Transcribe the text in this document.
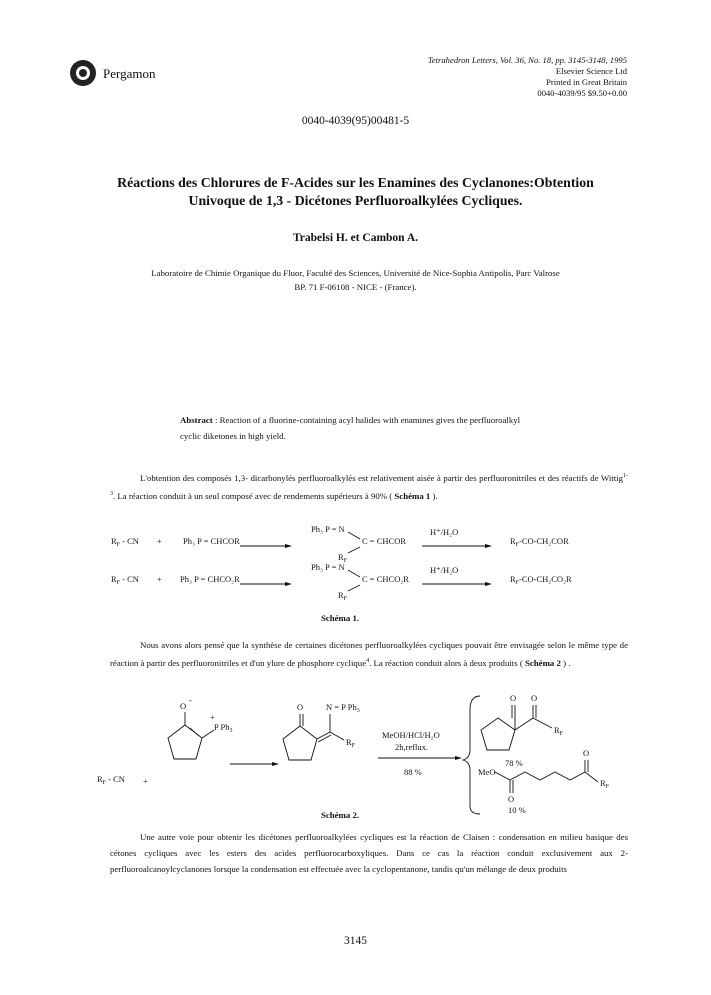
Pergamon
Tetrahedron Letters, Vol. 36, No. 18, pp. 3145-3148, 1995
Elsevier Science Ltd
Printed in Great Britain
0040-4039/95 $9.50+0.00
0040-4039(95)00481-5
Réactions des Chlorures de F-Acides sur les Enamines des Cyclanones:Obtention
Univoque de 1,3 - Dicétones Perfluoroalkylées Cycliques.
Trabelsi H. et Cambon A.
Laboratoire de Chimie Organique du Fluor, Faculté des Sciences, Université de Nice-Sophia Antipolis, Parc Valrose
BP. 71 F-06108 - NICE - (France).
Abstract : Reaction of a fluorine-containing acyl halides with enamines gives the perfluoroalkyl
cyclic diketones in high yield.
L'obtention des composés 1,3- dicarbonylés perfluoroalkylés est relativement aisée à partir des perfluoronitriles et des réactifs de Wittig$^{1-3}$. La réaction conduit à un seul composé avec de rendements supérieurs à 90% ( Schéma 1 ).
$R_F$ - CN + Ph₃ P = CHCOR
Ph₃ P = N
C = CHCOR
$R_F$
H⁺/H₂O
$R_F-CO$-CH₂COR
$R_F$ - CN + Ph₃ P = CHCO₂R
Ph₃ P = N
C = CHCO₂R
$R_F$
H⁺/H₂O
$R_F-CO$-CH₂CO₂R
Schéma 1.
Nous avons alors pensé que la synthèse de certaines dicétones perfluoroalkylées cycliques pouvait être envisagée selon le même type de réaction à partir des perfluoronitriles et d'un ylure de phosphore cyclique$^4$. La réaction conduit alors à deux produits ( Schéma 2 ) .
$R_F$ - CN +
O
-
+
P $Ph_3$
O	N = P $Ph_3$
$R_F$
MeOH/HCl/H₂O
2h,reflux.
88 %
O O
$R_F$
78 %
MeO
O
O
$R_F$
10 %
Schéma 2.
Une autre voie pour obtenir les dicétones perfluoroalkylées cycliques est la réaction de Claisen : condensation en milieu basique des cétones cycliques avec les esters des acides perfluorocarboxyliques. Dans ce cas la réaction conduit exclusivement aux 2- perfluoroalcanoylcyclanones lorsque la condensation est effectuée avec la cyclopentanone, tandis qu'un mélange de deux produits
3145
